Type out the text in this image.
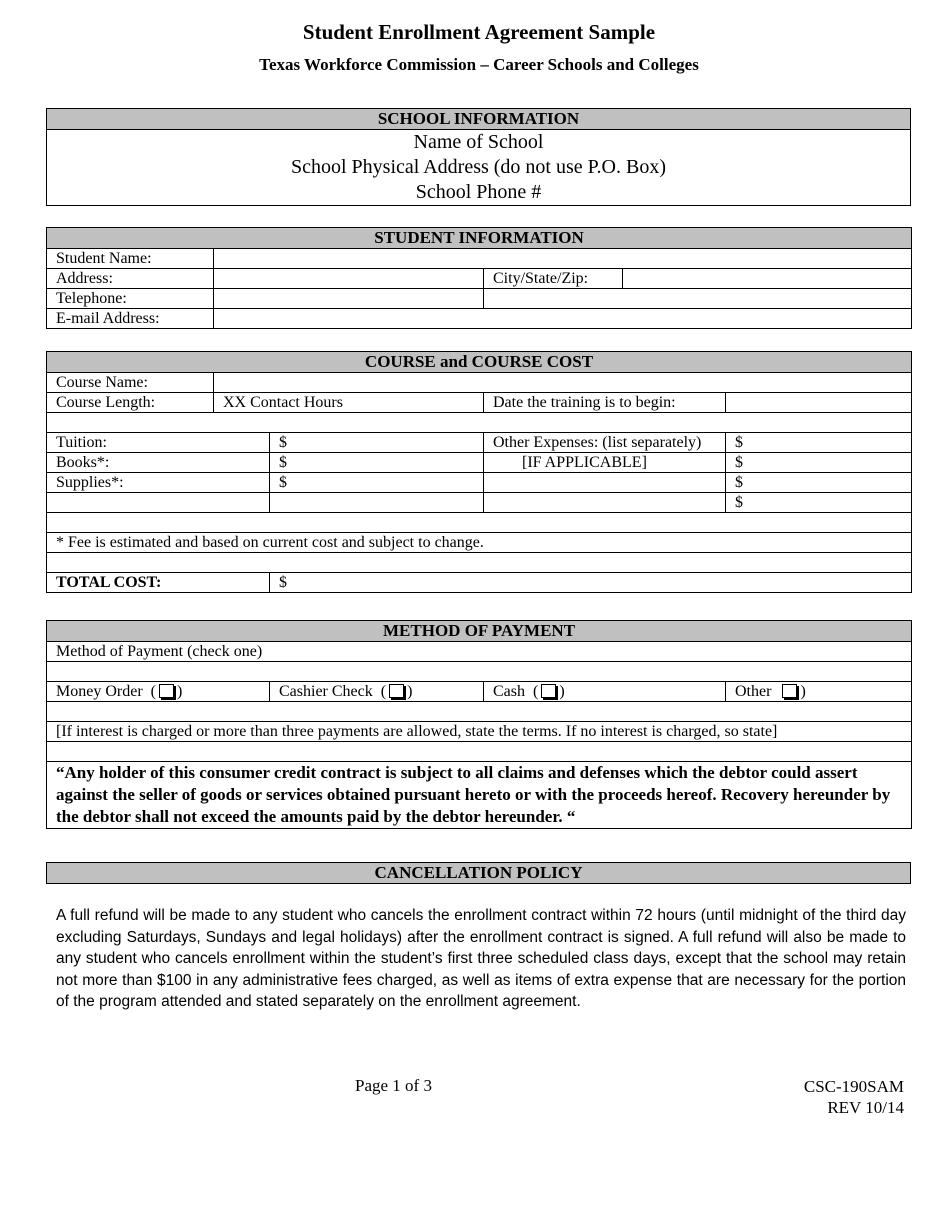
Student Enrollment Agreement Sample
Texas Workforce Commission – Career Schools and Colleges
SCHOOL INFORMATION

Name of School
School Physical Address (do not use P.O. Box)
School Phone #
STUDENT INFORMATION			
Student Name:			
Address:		City/State/Zip:	
Telephone:			
E-mail Address:			
COURSE and COURSE COST				
Course Name:				
Course Length:	XX Contact Hours		Date the training is to begin:	

Tuition:		$	Other Expenses: (list separately)	$
Books*:		$	[IF APPLICABLE]	$
Supplies*:		$		$
				$

* Fee is estimated and based on current cost and subject to change.				

TOTAL COST:		$		
METHOD OF PAYMENT
Method of Payment (check one)

Money Order  ( )	Cashier Check  ( )	Cash  ( )	Other )

[If interest is charged or more than three payments are allowed, state the terms. If no interest is charged, so state]

“Any holder of this consumer credit contract is subject to all claims and defenses which the debtor could assert against the seller of goods or services obtained pursuant hereto or with the proceeds hereof. Recovery hereunder by the debtor shall not exceed the amounts paid by the debtor hereunder. “
CANCELLATION POLICY
A full refund will be made to any student who cancels the enrollment contract within 72 hours (until midnight of the third day excluding Saturdays, Sundays and legal holidays) after the enrollment contract is signed. A full refund will also be made to any student who cancels enrollment within the student’s first three scheduled class days, except that the school may retain not more than $100 in any administrative fees charged, as well as items of extra expense that are necessary for the portion of the program attended and stated separately on the enrollment agreement.
Page 1 of 3	CSC-190SAM
REV 10/14
